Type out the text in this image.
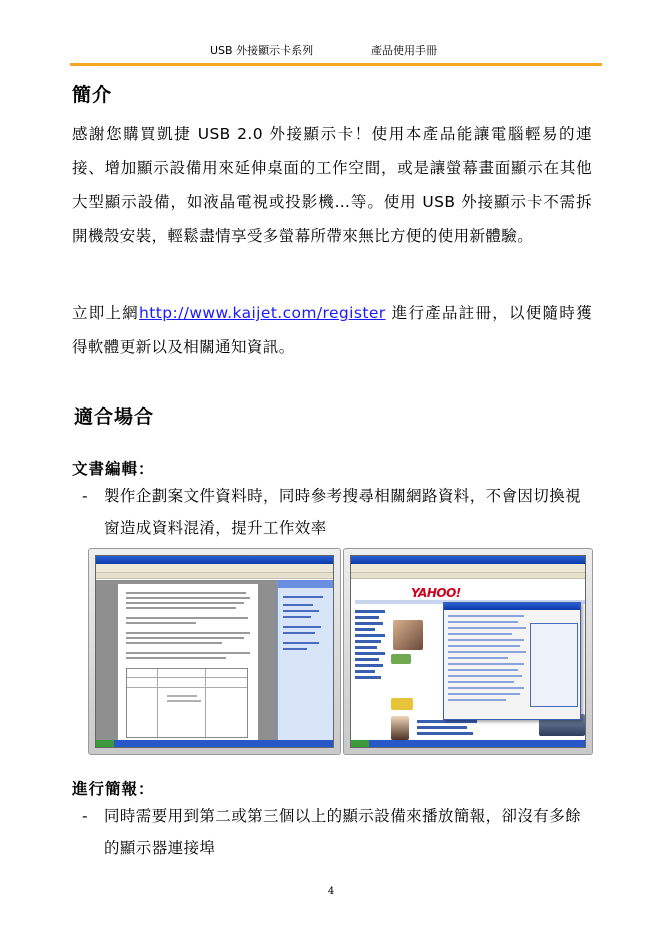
USB 外接顯示卡系列	產品使用手冊
簡介
感謝您購買凱捷 USB 2.0 外接顯示卡！使用本產品能讓電腦輕易的連接、增加顯示設備用來延伸桌面的工作空間，或是讓螢幕畫面顯示在其他大型顯示設備，如液晶電視或投影機…等。使用 USB 外接顯示卡不需拆開機殼安裝，輕鬆盡情享受多螢幕所帶來無比方便的使用新體驗。
立即上網http://www.kaijet.com/register 進行產品註冊，以便隨時獲得軟體更新以及相關通知資訊。
適合場合
文書編輯：
-	製作企劃案文件資料時，同時參考搜尋相關網路資料，不會因切換視窗造成資料混淆，提升工作效率
YAHOO!
進行簡報：
-	同時需要用到第二或第三個以上的顯示設備來播放簡報，卻沒有多餘的顯示器連接埠
4
